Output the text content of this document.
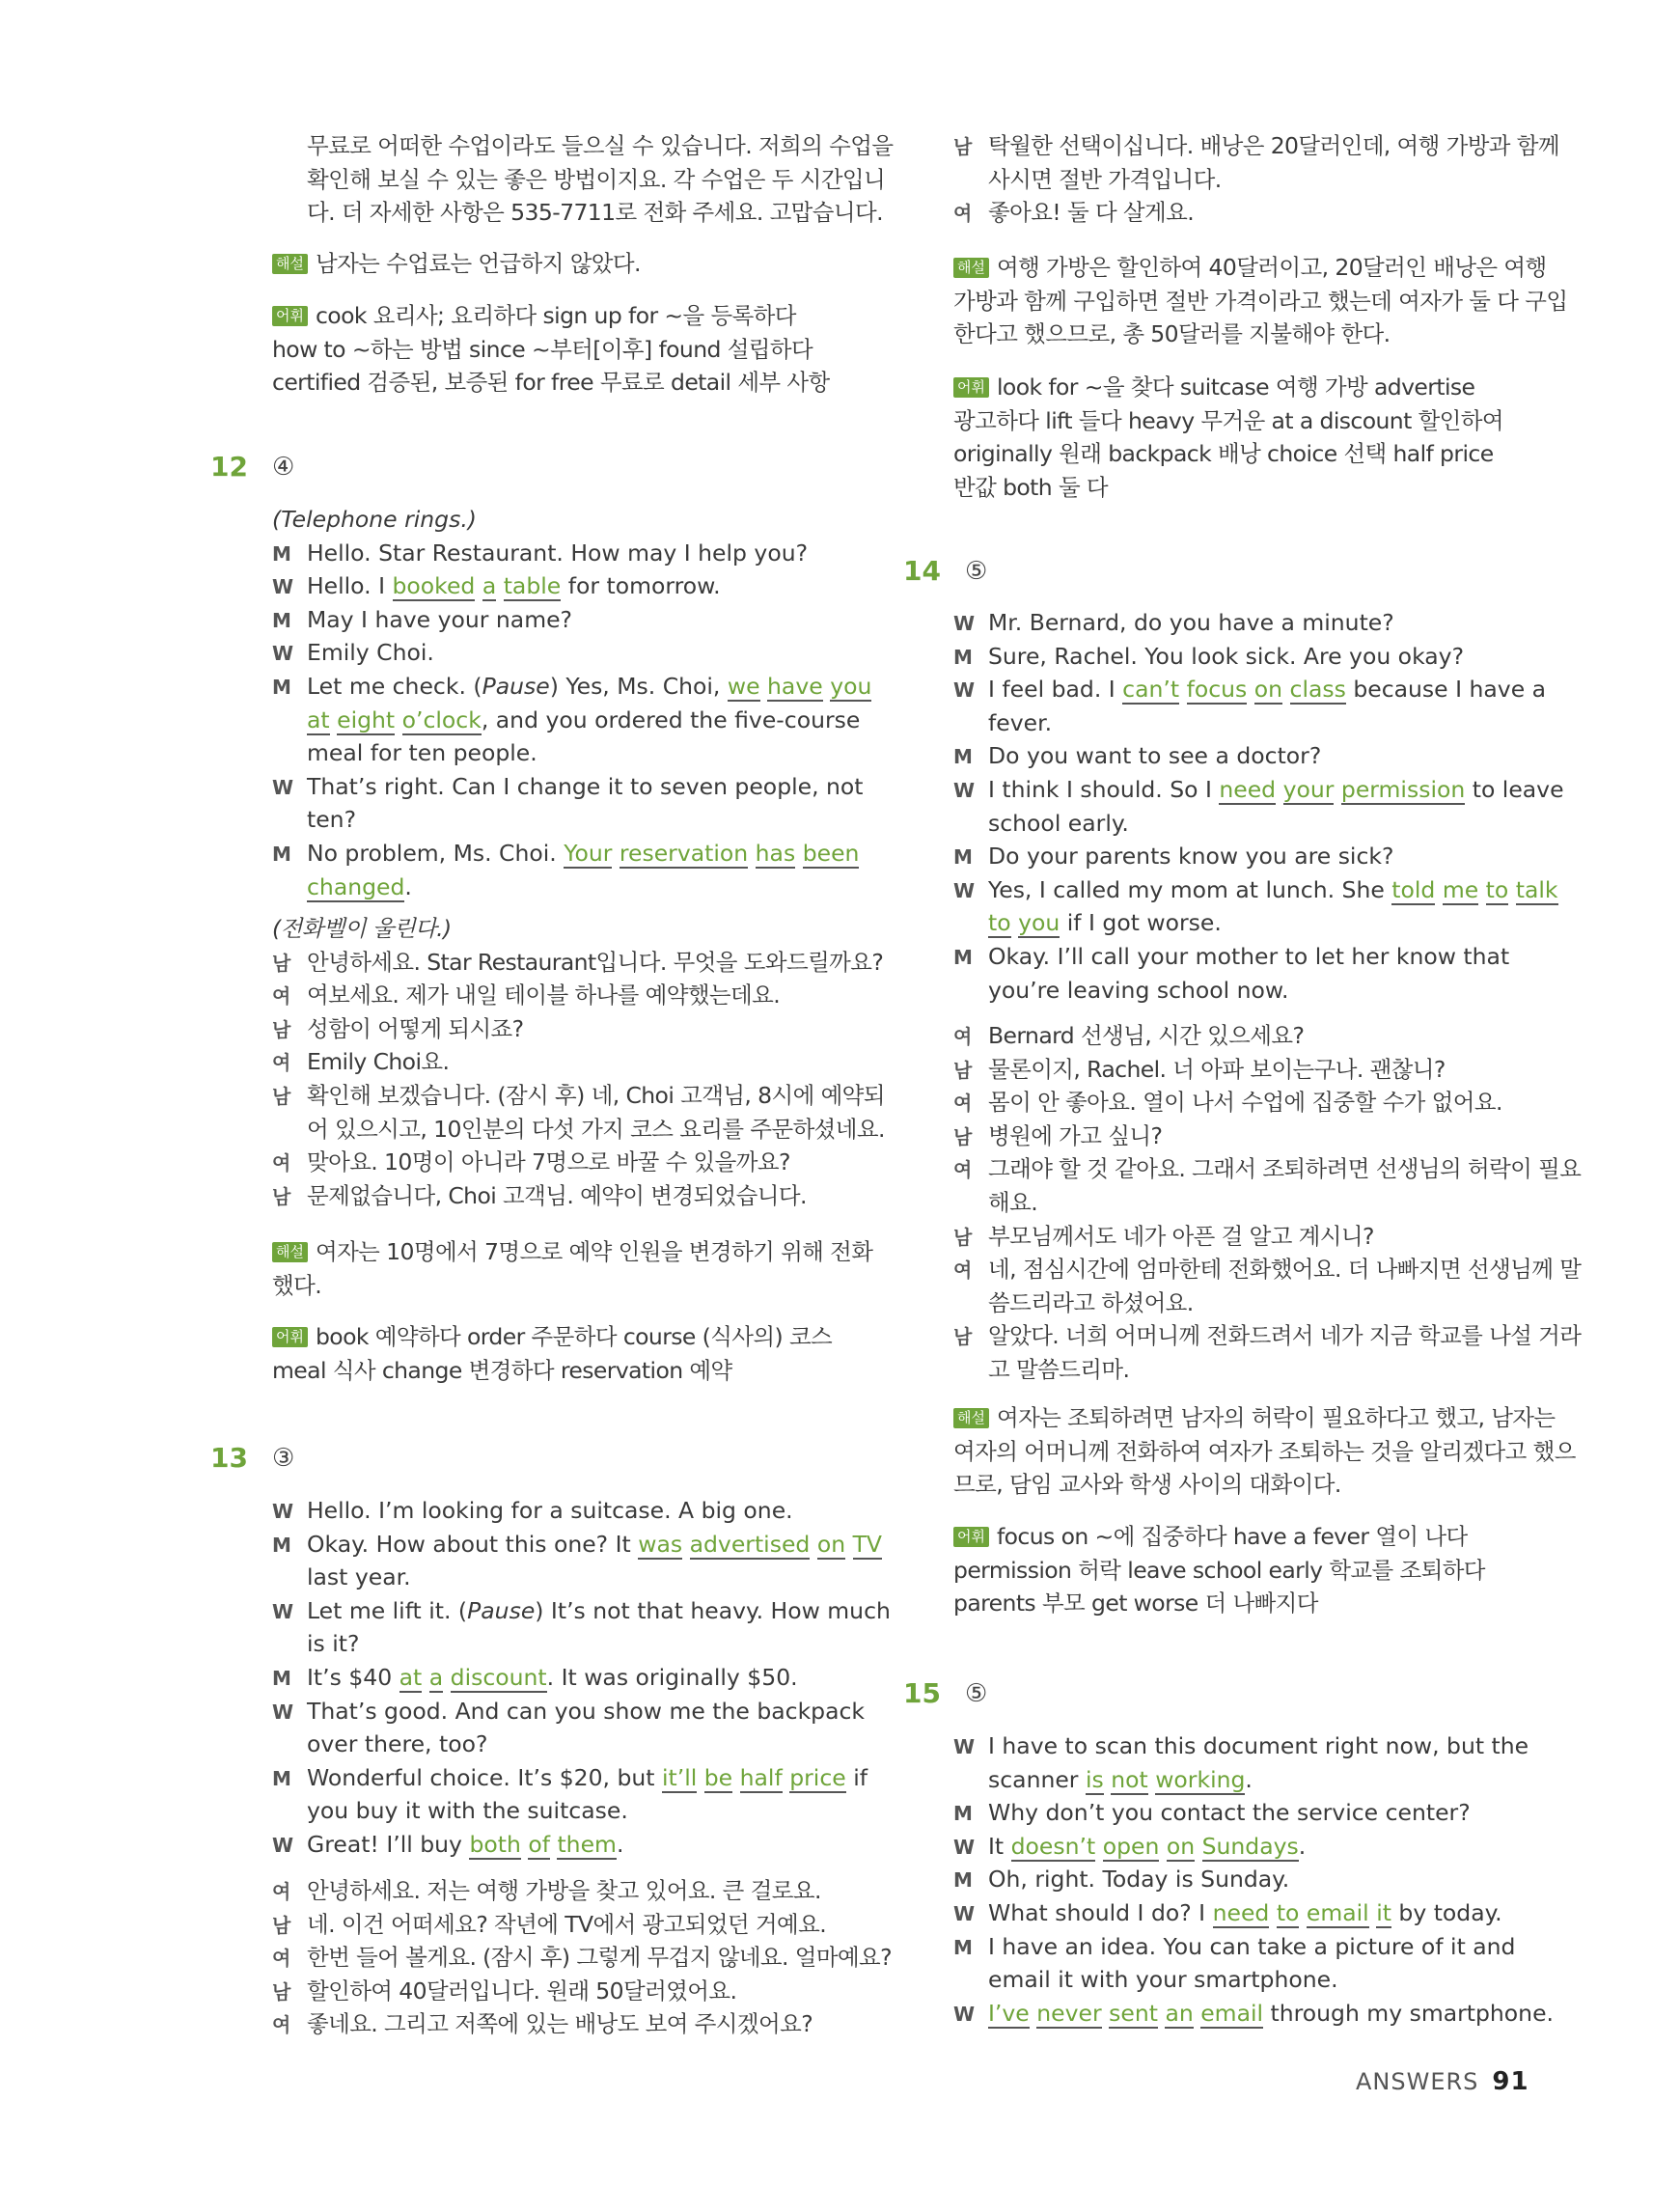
무료로 어떠한 수업이라도 들으실 수 있습니다. 저희의 수업을
확인해 보실 수 있는 좋은 방법이지요. 각 수업은 두 시간입니
다. 더 자세한 사항은 535-7711로 전화 주세요. 고맙습니다.
해설 남자는 수업료는 언급하지 않았다.
어휘 cook 요리사; 요리하다 sign up for ~을 등록하다
how to ~하는 방법 since ~부터[이후] found 설립하다
certified 검증된, 보증된 for free 무료로 detail 세부 사항
12 ④
(Telephone rings.)
M Hello. Star Restaurant. How may I help you?
W Hello. I booked a table for tomorrow.
M May I have your name?
W Emily Choi.
M Let me check. (Pause) Yes, Ms. Choi, we have you
at eight o’clock, and you ordered the five-course
meal for ten people.
W That’s right. Can I change it to seven people, not
ten?
M No problem, Ms. Choi. Your reservation has been
changed.
(전화벨이 울린다.)
남 안녕하세요. Star Restaurant입니다. 무엇을 도와드릴까요?
여 여보세요. 제가 내일 테이블 하나를 예약했는데요.
남 성함이 어떻게 되시죠?
여 Emily Choi요.
남 확인해 보겠습니다. (잠시 후) 네, Choi 고객님, 8시에 예약되
어 있으시고, 10인분의 다섯 가지 코스 요리를 주문하셨네요.
여 맞아요. 10명이 아니라 7명으로 바꿀 수 있을까요?
남 문제없습니다, Choi 고객님. 예약이 변경되었습니다.
해설 여자는 10명에서 7명으로 예약 인원을 변경하기 위해 전화
했다.
어휘 book 예약하다 order 주문하다 course (식사의) 코스
meal 식사 change 변경하다 reservation 예약
13 ③
W Hello. I’m looking for a suitcase. A big one.
M Okay. How about this one? It was advertised on TV
last year.
W Let me lift it. (Pause) It’s not that heavy. How much
is it?
M It’s $40 at a discount. It was originally $50.
W That’s good. And can you show me the backpack
over there, too?
M Wonderful choice. It’s $20, but it’ll be half price if
you buy it with the suitcase.
W Great! I’ll buy both of them.
여 안녕하세요. 저는 여행 가방을 찾고 있어요. 큰 걸로요.
남 네. 이건 어떠세요? 작년에 TV에서 광고되었던 거예요.
여 한번 들어 볼게요. (잠시 후) 그렇게 무겁지 않네요. 얼마예요?
남 할인하여 40달러입니다. 원래 50달러였어요.
여 좋네요. 그리고 저쪽에 있는 배낭도 보여 주시겠어요?
남 탁월한 선택이십니다. 배낭은 20달러인데, 여행 가방과 함께
사시면 절반 가격입니다.
여 좋아요! 둘 다 살게요.
해설 여행 가방은 할인하여 40달러이고, 20달러인 배낭은 여행
가방과 함께 구입하면 절반 가격이라고 했는데 여자가 둘 다 구입
한다고 했으므로, 총 50달러를 지불해야 한다.
어휘 look for ~을 찾다 suitcase 여행 가방 advertise
광고하다 lift 들다 heavy 무거운 at a discount 할인하여
originally 원래 backpack 배낭 choice 선택 half price
반값 both 둘 다
14 ⑤
W Mr. Bernard, do you have a minute?
M Sure, Rachel. You look sick. Are you okay?
W I feel bad. I can’t focus on class because I have a
fever.
M Do you want to see a doctor?
W I think I should. So I need your permission to leave
school early.
M Do your parents know you are sick?
W Yes, I called my mom at lunch. She told me to talk
to you if I got worse.
M Okay. I’ll call your mother to let her know that
you’re leaving school now.
여 Bernard 선생님, 시간 있으세요?
남 물론이지, Rachel. 너 아파 보이는구나. 괜찮니?
여 몸이 안 좋아요. 열이 나서 수업에 집중할 수가 없어요.
남 병원에 가고 싶니?
여 그래야 할 것 같아요. 그래서 조퇴하려면 선생님의 허락이 필요
해요.
남 부모님께서도 네가 아픈 걸 알고 계시니?
여 네, 점심시간에 엄마한테 전화했어요. 더 나빠지면 선생님께 말
씀드리라고 하셨어요.
남 알았다. 너희 어머니께 전화드려서 네가 지금 학교를 나설 거라
고 말씀드리마.
해설 여자는 조퇴하려면 남자의 허락이 필요하다고 했고, 남자는
여자의 어머니께 전화하여 여자가 조퇴하는 것을 알리겠다고 했으
므로, 담임 교사와 학생 사이의 대화이다.
어휘 focus on ~에 집중하다 have a fever 열이 나다
permission 허락 leave school early 학교를 조퇴하다
parents 부모 get worse 더 나빠지다
15 ⑤
W I have to scan this document right now, but the
scanner is not working.
M Why don’t you contact the service center?
W It doesn’t open on Sundays.
M Oh, right. Today is Sunday.
W What should I do? I need to email it by today.
M I have an idea. You can take a picture of it and
email it with your smartphone.
W I’ve never sent an email through my smartphone.
ANSWERS 91
